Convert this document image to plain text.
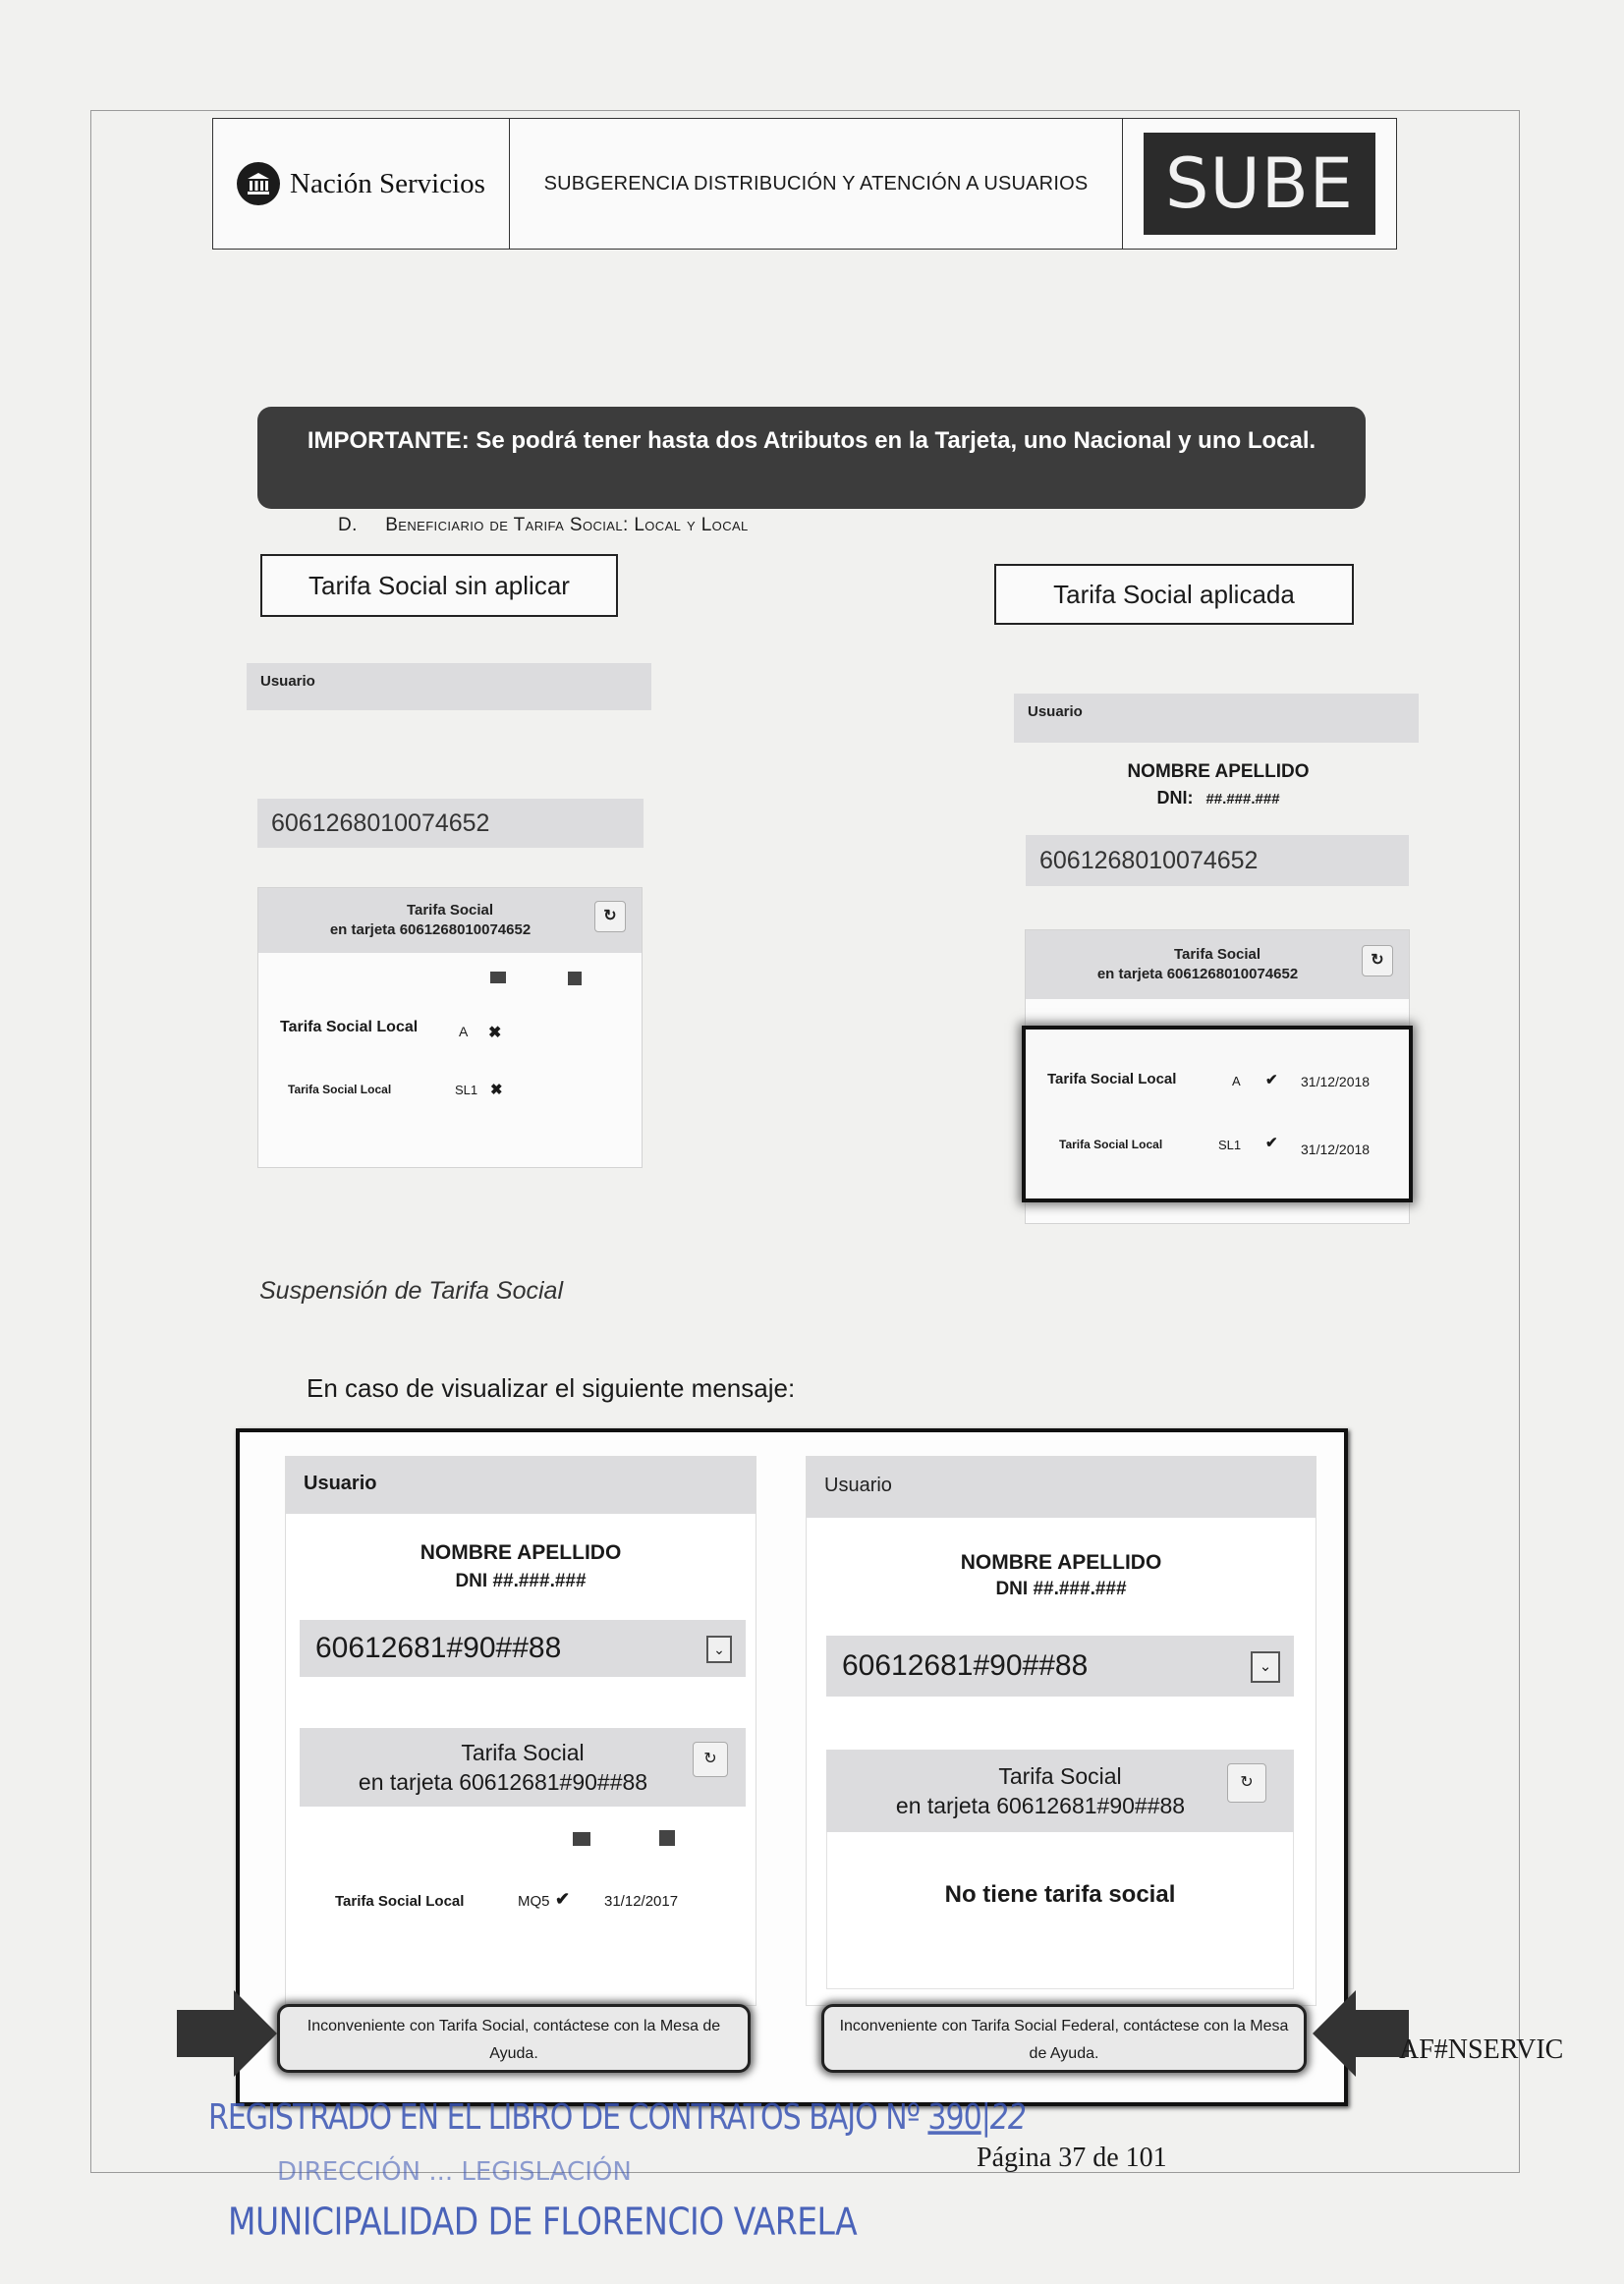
Nación Servicios	SUBGERENCIA DISTRIBUCIÓN Y ATENCIÓN A USUARIOS	SUBE
IMPORTANTE: Se podrá tener hasta dos Atributos en la Tarjeta, uno Nacional y uno Local.
D. Beneficiario de Tarifa Social: Local y Local
Tarifa Social sin aplicar	Tarifa Social aplicada
Usuario
6061268010074652
Tarifa Social
en tarjeta 6061268010074652
↻
Tarifa Social Local	A ✖
Tarifa Social Local	SL1 ✖
Usuario
NOMBRE APELLIDO
DNI: ##.###.###
6061268010074652
Tarifa Social
en tarjeta 6061268010074652
↻
Tarifa Social Local	A ✔ 31/12/2018
Tarifa Social Local	SL1 ✔ 31/12/2018
Suspensión de Tarifa Social
En caso de visualizar el siguiente mensaje:
Usuario
NOMBRE APELLIDO
DNI ##.###.###
60612681#90##88	⌄
Tarifa Social
en tarjeta 60612681#90##88
↻
Tarifa Social Local	MQ5 ✔ 31/12/2017
Usuario
NOMBRE APELLIDO
DNI ##.###.###
60612681#90##88	⌄
Tarifa Social
en tarjeta 60612681#90##88
↻
No tiene tarifa social
Inconveniente con Tarifa Social, contáctese con la Mesa de Ayuda.
Inconveniente con Tarifa Social Federal, contáctese con la Mesa de Ayuda.	AF#NSERVIC
REGISTRADO EN EL LIBRO DE CONTRATOS BAJO Nº 390|22
DIRECCIÓN ... LEGISLACIÓN
MUNICIPALIDAD DE FLORENCIO VARELA
Página 37 de 101
